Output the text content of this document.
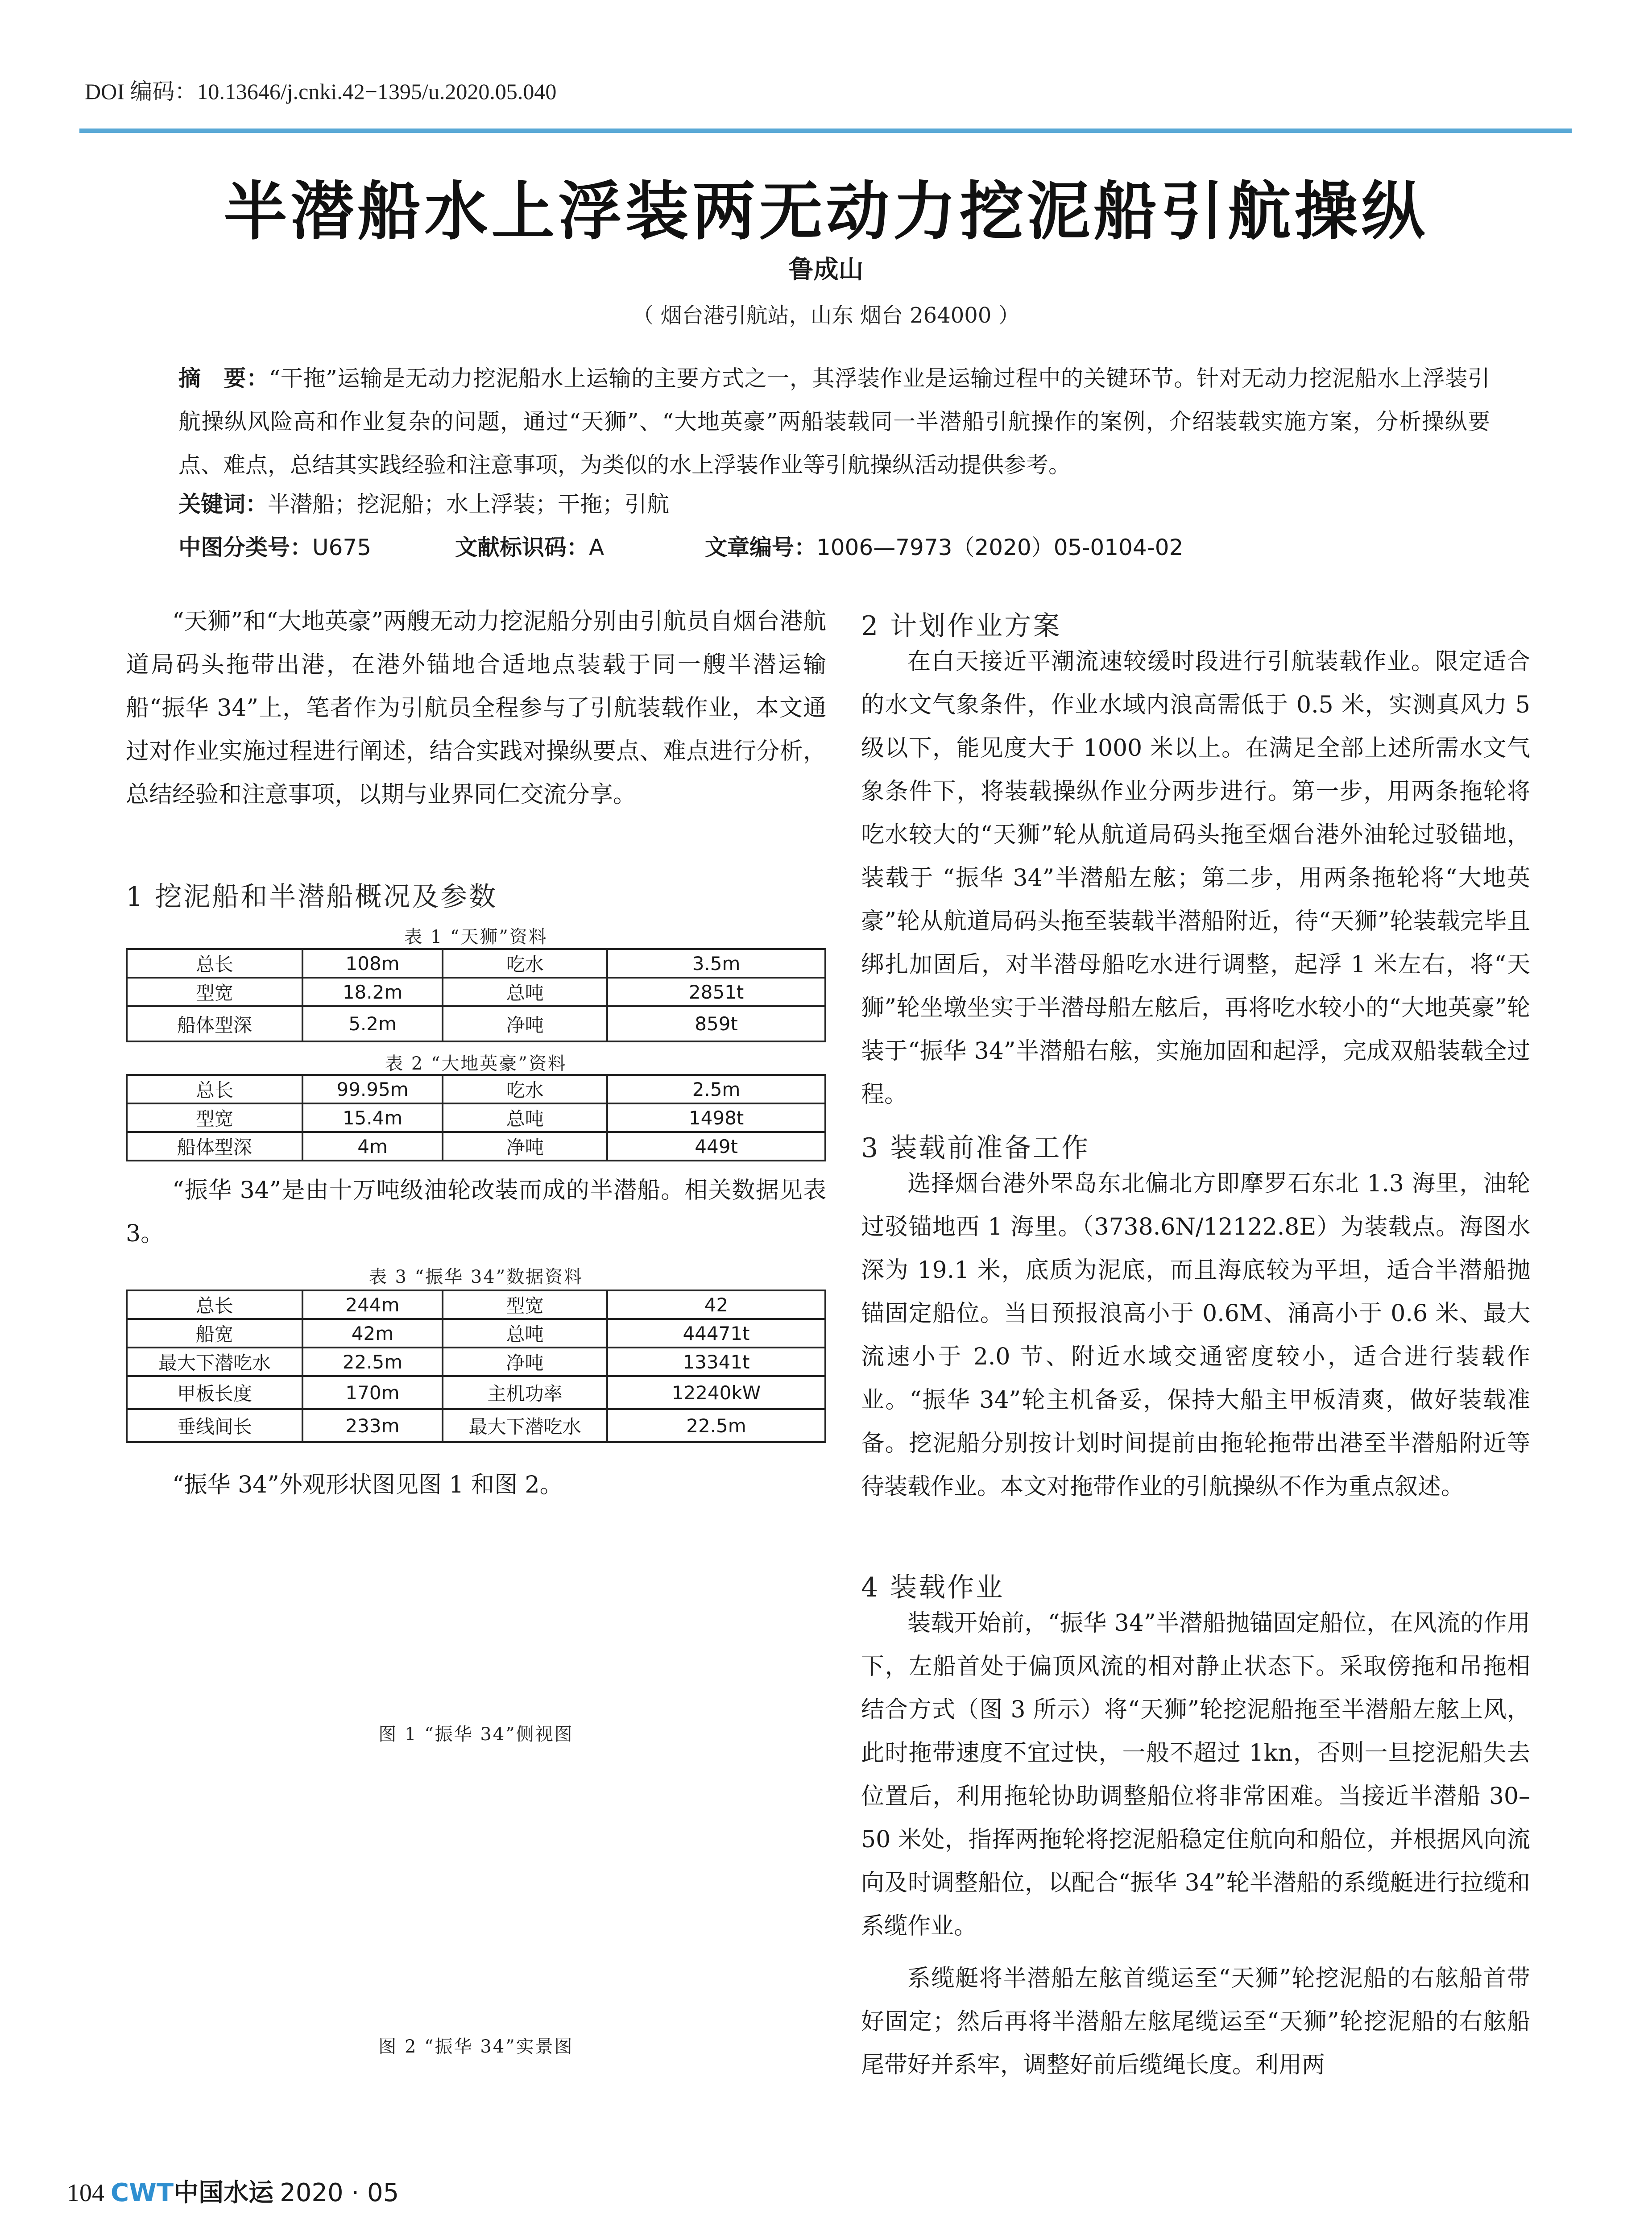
DOI 编码：10.13646/j.cnki.42−1395/u.2020.05.040
半潜船水上浮装两无动力挖泥船引航操纵
鲁成山
（ 烟台港引航站，山东 烟台 264000 ）
摘　要：“干拖”运输是无动力挖泥船水上运输的主要方式之一，其浮装作业是运输过程中的关键环节。针对无动力挖泥船水上浮装引航操纵风险高和作业复杂的问题，通过“天狮”、“大地英豪”两船装载同一半潜船引航操作的案例，介绍装载实施方案，分析操纵要点、难点，总结其实践经验和注意事项，为类似的水上浮装作业等引航操纵活动提供参考。
关键词：半潜船；挖泥船；水上浮装；干拖；引航
中图分类号：U675	文献标识码：A	文章编号：1006—7973（2020）05-0104-02

“天狮”和“大地英豪”两艘无动力挖泥船分别由引航员自烟台港航道局码头拖带出港，在港外锚地合适地点装载于同一艘半潜运输船“振华 34”上，笔者作为引航员全程参与了引航装载作业，本文通过对作业实施过程进行阐述，结合实践对操纵要点、难点进行分析，总结经验和注意事项，以期与业界同仁交流分享。

1 挖泥船和半潜船概况及参数
表 1 “天狮”资料
总长	108m	吃水	3.5m
型宽	18.2m	总吨	2851t
船体型深	5.2m	净吨	859t
表 2 “大地英豪”资料
总长	99.95m	吃水	2.5m
型宽	15.4m	总吨	1498t
船体型深	4m	净吨	449t

“振华 34”是由十万吨级油轮改装而成的半潜船。相关数据见表 3。

表 3 “振华 34”数据资料
总长	244m	型宽	42
船宽	42m	总吨	44471t
最大下潜吃水	22.5m	净吨	13341t
甲板长度	170m	主机功率	12240kW
垂线间长	233m	最大下潜吃水	22.5m

“振华 34”外观形状图见图 1 和图 2。

图 1 “振华 34”侧视图
图 2 “振华 34”实景图
2 计划作业方案

在白天接近平潮流速较缓时段进行引航装载作业。限定适合的水文气象条件，作业水域内浪高需低于 0.5 米，实测真风力 5 级以下，能见度大于 1000 米以上。在满足全部上述所需水文气象条件下，将装载操纵作业分两步进行。第一步，用两条拖轮将吃水较大的“天狮”轮从航道局码头拖至烟台港外油轮过驳锚地，装载于 “振华 34”半潜船左舷；第二步，用两条拖轮将“大地英豪”轮从航道局码头拖至装载半潜船附近，待“天狮”轮装载完毕且绑扎加固后，对半潜母船吃水进行调整，起浮 1 米左右，将“天狮”轮坐墩坐实于半潜母船左舷后，再将吃水较小的“大地英豪”轮装于“振华 34”半潜船右舷，实施加固和起浮，完成双船装载全过程。

3 装载前准备工作

选择烟台港外罘岛东北偏北方即摩罗石东北 1.3 海里，油轮过驳锚地西 1 海里。（3738.6N/12122.8E）为装载点。海图水深为 19.1 米，底质为泥底，而且海底较为平坦，适合半潜船抛锚固定船位。当日预报浪高小于 0.6M、涌高小于 0.6 米、最大流速小于 2.0 节、附近水域交通密度较小，适合进行装载作业。“振华 34”轮主机备妥，保持大船主甲板清爽，做好装载准备。挖泥船分别按计划时间提前由拖轮拖带出港至半潜船附近等待装载作业。本文对拖带作业的引航操纵不作为重点叙述。

4 装载作业

装载开始前，“振华 34”半潜船抛锚固定船位，在风流的作用下，左船首处于偏顶风流的相对静止状态下。采取傍拖和吊拖相结合方式（图 3 所示）将“天狮”轮挖泥船拖至半潜船左舷上风，此时拖带速度不宜过快，一般不超过 1kn，否则一旦挖泥船失去位置后，利用拖轮协助调整船位将非常困难。当接近半潜船 30–50 米处，指挥两拖轮将挖泥船稳定住航向和船位，并根据风向流向及时调整船位，以配合“振华 34”轮半潜船的系缆艇进行拉缆和系缆作业。

系缆艇将半潜船左舷首缆运至“天狮”轮挖泥船的右舷船首带好固定；然后再将半潜船左舷尾缆运至“天狮”轮挖泥船的右舷船尾带好并系牢，调整好前后缆绳长度。利用两

104 CWT中国水运 2020 · 05
